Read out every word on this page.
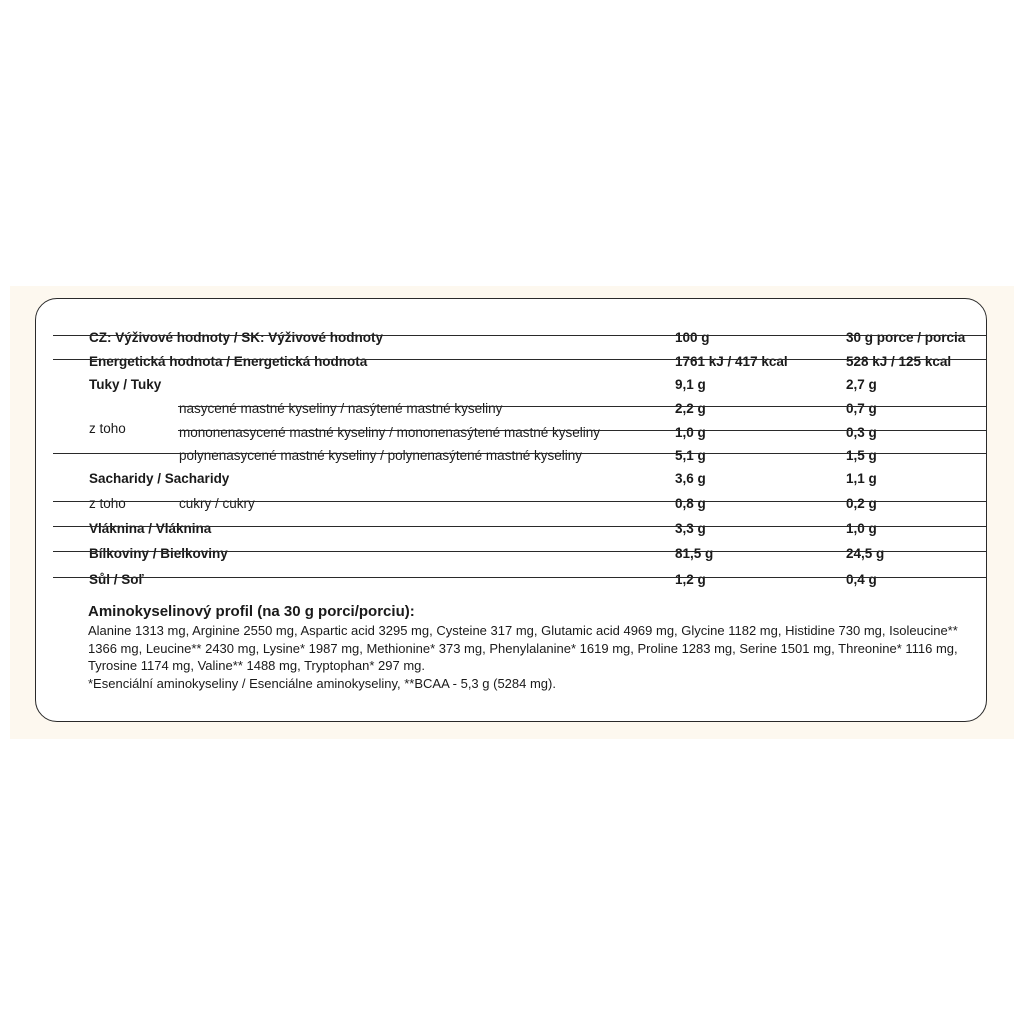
CZ: Výživové hodnoty / SK: Výživové hodnoty	100 g	30 g porce / porcia
Energetická hodnota / Energetická hodnota	1761 kJ / 417 kcal	528 kJ / 125 kcal
Tuky / Tuky	9,1 g	2,7 g
nasycené mastné kyseliny / nasýtené mastné kyseliny	2,2 g	0,7 g
z toho	mononenasycené mastné kyseliny / mononenasýtené mastné kyseliny	1,0 g	0,3 g
polynenasycené mastné kyseliny / polynenasýtené mastné kyseliny	5,1 g	1,5 g
Sacharidy / Sacharidy	3,6 g	1,1 g
z toho	cukry / cukry	0,8 g	0,2 g
Vláknina / Vláknina	3,3 g	1,0 g
Bílkoviny / Bielkoviny	81,5 g	24,5 g
Sůl / Soľ	1,2 g	0,4 g
Aminokyselinový profil (na 30 g porci/porciu):
Alanine 1313 mg, Arginine 2550 mg, Aspartic acid 3295 mg, Cysteine 317 mg, Glutamic acid 4969 mg, Glycine 1182 mg, Histidine 730 mg, Isoleucine** 1366 mg, Leucine** 2430 mg, Lysine* 1987 mg, Methionine* 373 mg, Phenylalanine* 1619 mg, Proline 1283 mg, Serine 1501 mg, Threonine* 1116 mg, Tyrosine 1174 mg, Valine** 1488 mg, Tryptophan* 297 mg.
*Esenciální aminokyseliny / Esenciálne aminokyseliny, **BCAA - 5,3 g (5284 mg).
